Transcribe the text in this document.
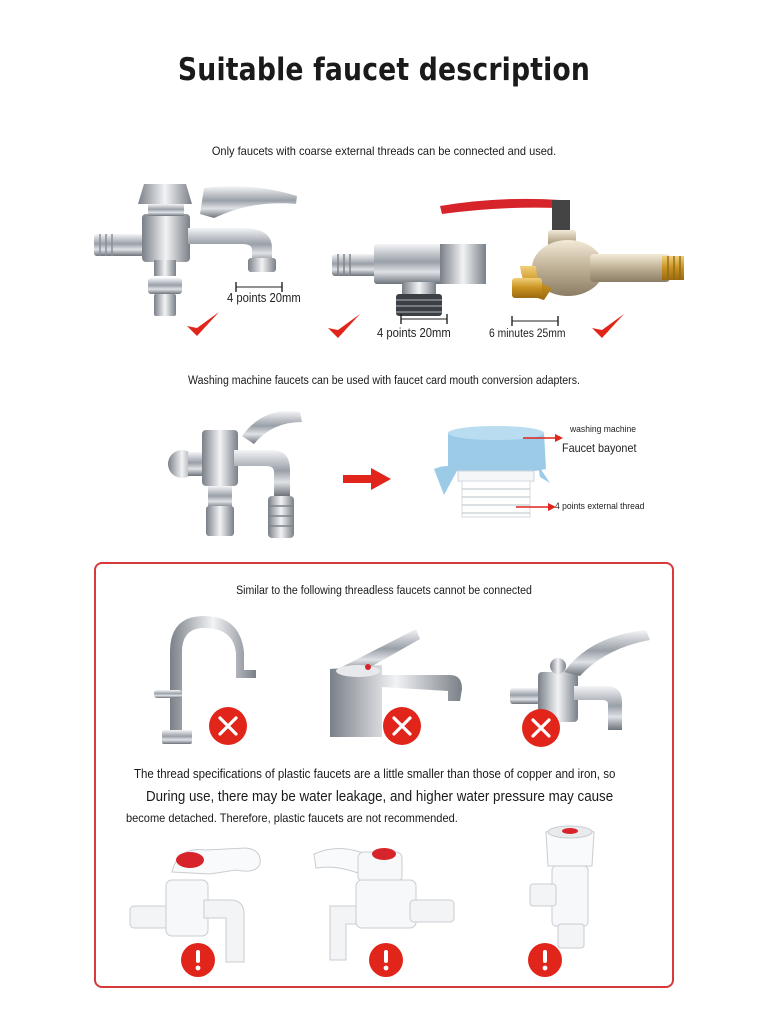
Suitable faucet description
Only faucets with coarse external threads can be connected and used.
4 points 20mm
4 points 20mm	6 minutes 25mm
Washing machine faucets can be used with faucet card mouth conversion adapters.
washing machine
Faucet bayonet
4 points external thread
Similar to the following threadless faucets cannot be connected
The thread specifications of plastic faucets are a little smaller than those of copper and iron, so
During use, there may be water leakage, and higher water pressure may cause
become detached. Therefore, plastic faucets are not recommended.
